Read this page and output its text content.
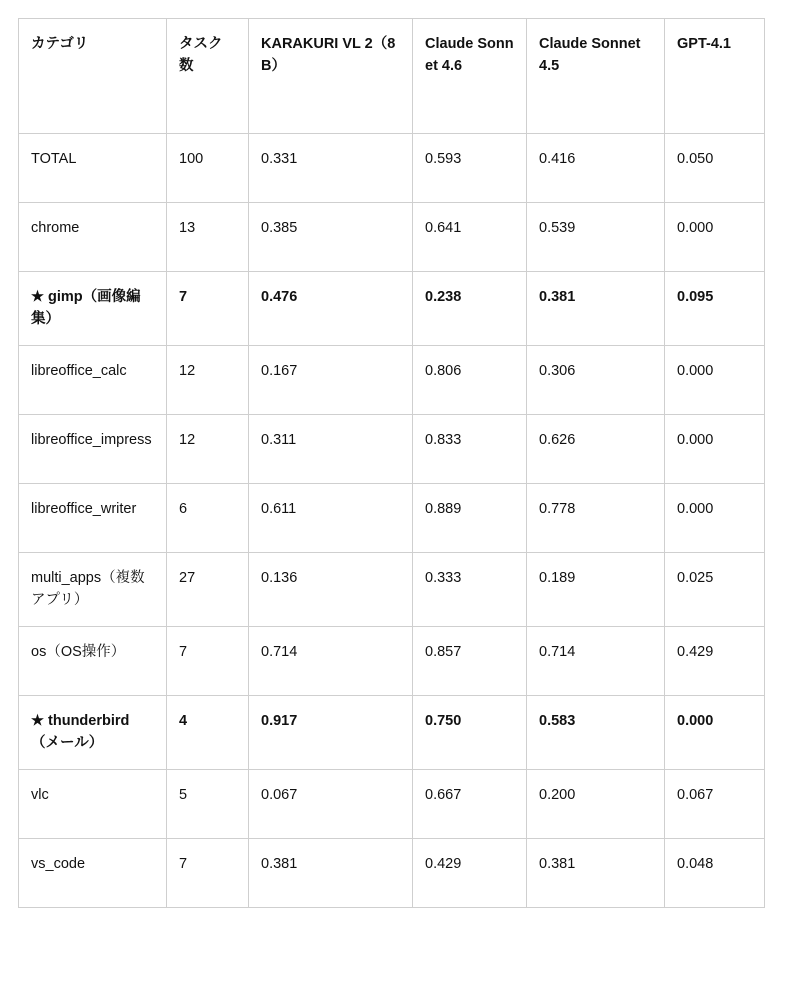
カテゴリ	タスク数	KARAKURI VL 2（8B）	Claude Sonnet 4.6	Claude Sonnet 4.5	GPT-4.1
TOTAL	100	0.331	0.593	0.416	0.050
chrome	13	0.385	0.641	0.539	0.000
★ gimp（画像編集）	7	0.476	0.238	0.381	0.095
libreoffice_calc	12	0.167	0.806	0.306	0.000
libreoffice_impress	12	0.311	0.833	0.626	0.000
libreoffice_writer	6	0.611	0.889	0.778	0.000
multi_apps（複数アプリ）	27	0.136	0.333	0.189	0.025
os（OS操作）	7	0.714	0.857	0.714	0.429
★ thunderbird（メール）	4	0.917	0.750	0.583	0.000
vlc	5	0.067	0.667	0.200	0.067
vs_code	7	0.381	0.429	0.381	0.048
